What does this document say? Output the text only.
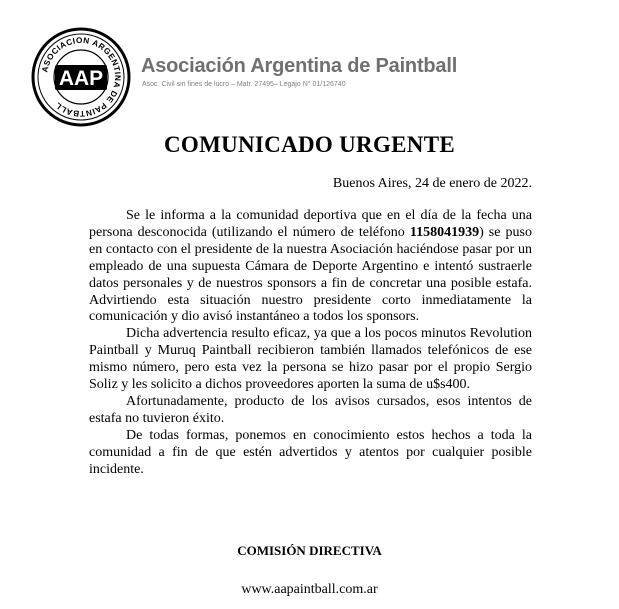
ASOCIACION ARGENTINA DE PAINTBALL
AAP
Asociación Argentina de Paintball
Asoc. Civil sin fines de lucro – Matr. 27495– Legajo N° 01/126740
COMUNICADO URGENTE
Buenos Aires, 24 de enero de 2022.

Se le informa a la comunidad deportiva que en el día de la fecha una persona desconocida (utilizando el número de teléfono 1158041939) se puso en contacto con el presidente de la nuestra Asociación haciéndose pasar por un empleado de una supuesta Cámara de Deporte Argentino e intentó sustraerle datos personales y de nuestros sponsors a fin de concretar una posible estafa. Advirtiendo esta situación nuestro presidente corto inmediatamente la comunicación y dio avisó instantáneo a todos los sponsors.

Dicha advertencia resulto eficaz, ya que a los pocos minutos Revolution Paintball y Muruq Paintball recibieron también llamados telefónicos de ese mismo número, pero esta vez la persona se hizo pasar por el propio Sergio Soliz y les solicito a dichos proveedores aporten la suma de u$s400.

Afortunadamente, producto de los avisos cursados, esos intentos de estafa no tuvieron éxito.

De todas formas, ponemos en conocimiento estos hechos a toda la comunidad a fin de que estén advertidos y atentos por cualquier posible incidente.

COMISIÓN DIRECTIVA
www.aapaintball.com.ar
